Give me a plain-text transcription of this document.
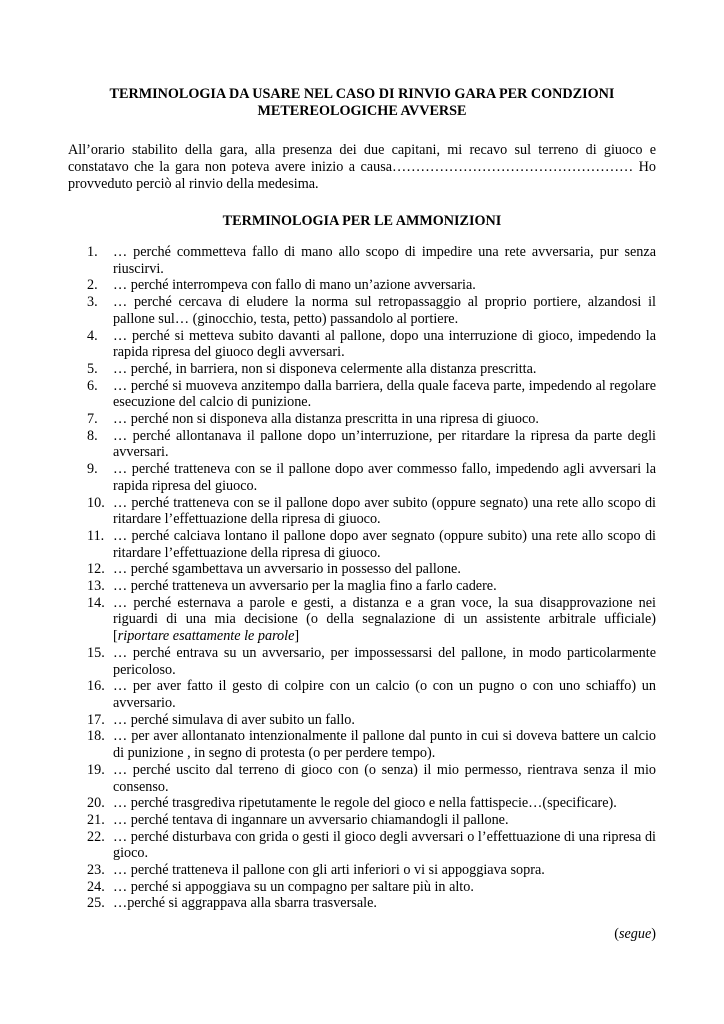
TERMINOLOGIA DA USARE NEL CASO DI RINVIO GARA PER CONDZIONI
METEREOLOGICHE AVVERSE

All’orario stabilito della gara, alla presenza dei due capitani, mi recavo sul terreno di giuoco e constatavo che la gara non poteva avere inizio a causa…………………………………………… Ho provveduto perciò al rinvio della medesima.

TERMINOLOGIA PER LE AMMONIZIONI
1. … perché commetteva fallo di mano allo scopo di impedire una rete avversaria, pur senza riuscirvi.
2. … perché interrompeva con fallo di mano un’azione avversaria.
3. … perché cercava di eludere la norma sul retropassaggio al proprio portiere, alzandosi il pallone sul… (ginocchio, testa, petto) passandolo al portiere.
4. … perché si metteva subito davanti al pallone, dopo una interruzione di gioco, impedendo la rapida ripresa del giuoco degli avversari.
5. … perché, in barriera, non si disponeva celermente alla distanza prescritta.
6. … perché si muoveva anzitempo dalla barriera, della quale faceva parte, impedendo al regolare esecuzione del calcio di punizione.
7. … perché non si disponeva alla distanza prescritta in una ripresa di giuoco.
8. … perché allontanava il pallone dopo un’interruzione, per ritardare la ripresa da parte degli avversari.
9. … perché tratteneva con se il pallone dopo aver commesso fallo, impedendo agli avversari la rapida ripresa del giuoco.
10. … perché tratteneva con se il pallone dopo aver subito (oppure segnato) una rete allo scopo di ritardare l’effettuazione della ripresa di giuoco.
11. … perché calciava lontano il pallone dopo aver segnato (oppure subito) una rete allo scopo di ritardare l’effettuazione della ripresa di giuoco.
12. … perché sgambettava un avversario in possesso del pallone.
13. … perché tratteneva un avversario per la maglia fino a farlo cadere.
14. … perché esternava a parole e gesti, a distanza e a gran voce, la sua disapprovazione nei riguardi di una mia decisione (o della segnalazione di un assistente arbitrale ufficiale) [riportare esattamente le parole]
15. … perché entrava su un avversario, per impossessarsi del pallone, in modo particolarmente pericoloso.
16. … per aver fatto il gesto di colpire con un calcio (o con un pugno o con uno schiaffo) un avversario.
17. … perché simulava di aver subito un fallo.
18. … per aver allontanato intenzionalmente il pallone dal punto in cui si doveva battere un calcio di punizione , in segno di protesta (o per perdere tempo).
19. … perché uscito dal terreno di gioco con (o senza) il mio permesso, rientrava senza il mio consenso.
20. … perché trasgrediva ripetutamente le regole del gioco e nella fattispecie…(specificare).
21. … perché tentava di ingannare un avversario chiamandogli il pallone.
22. … perché disturbava con grida o gesti il gioco degli avversari o l’effettuazione di una ripresa di gioco.
23. … perché tratteneva il pallone con gli arti inferiori o vi si appoggiava sopra.
24. … perché si appoggiava su un compagno per saltare più in alto.
25. …perché si aggrappava alla sbarra trasversale.
(segue)
